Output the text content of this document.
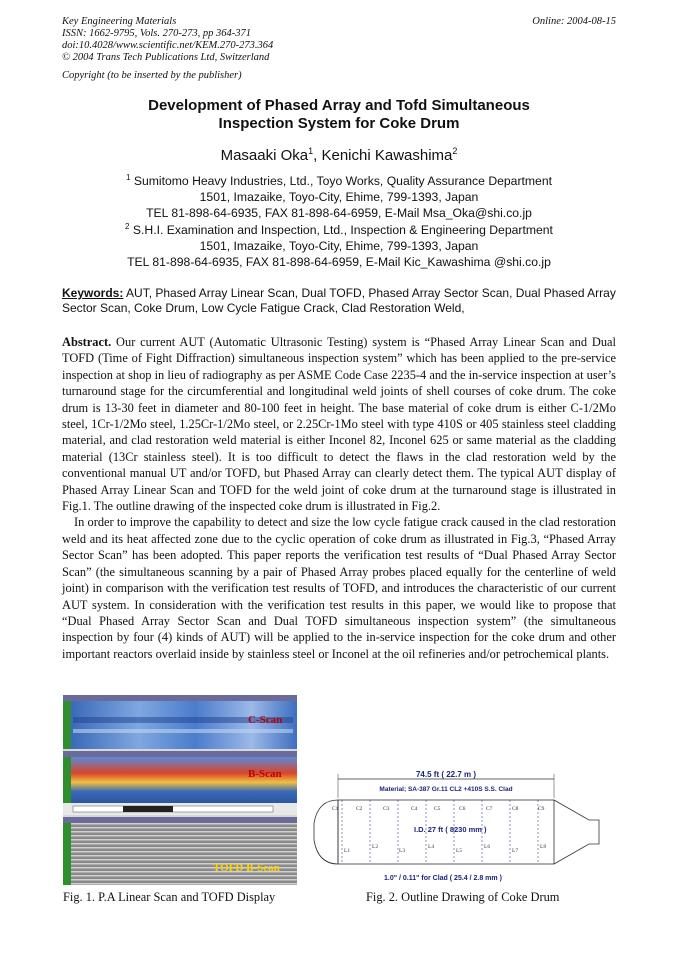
Key Engineering Materials
ISSN: 1662-9795, Vols. 270-273, pp 364-371
doi:10.4028/www.scientific.net/KEM.270-273.364
© 2004 Trans Tech Publications Ltd, Switzerland
Online: 2004-08-15
Copyright (to be inserted by the publisher)
Development of Phased Array and Tofd Simultaneous
Inspection System for Coke Drum
Masaaki Oka$^1$, Kenichi Kawashima$^2$
$^1$ Sumitomo Heavy Industries, Ltd., Toyo Works, Quality Assurance Department
1501, Imazaike, Toyo-City, Ehime, 799-1393, Japan
TEL 81-898-64-6935, FAX 81-898-64-6959, E-Mail Msa_Oka@shi.co.jp
$^2$ S.H.I. Examination and Inspection, Ltd., Inspection & Engineering Department
1501, Imazaike, Toyo-City, Ehime, 799-1393, Japan
TEL 81-898-64-6935, FAX 81-898-64-6959, E-Mail Kic_Kawashima @shi.co.jp
Keywords: AUT, Phased Array Linear Scan, Dual TOFD, Phased Array Sector Scan, Dual Phased Array Sector Scan, Coke Drum, Low Cycle Fatigue Crack, Clad Restoration Weld,

Abstract. Our current AUT (Automatic Ultrasonic Testing) system is “Phased Array Linear Scan and Dual TOFD (Time of Fight Diffraction) simultaneous inspection system” which has been applied to the pre-service inspection at shop in lieu of radiography as per ASME Code Case 2235-4 and the in-service inspection at user’s turnaround stage for the circumferential and longitudinal weld joints of shell courses of coke drum. The coke drum is 13-30 feet in diameter and 80-100 feet in height. The base material of coke drum is either C-1/2Mo steel, 1Cr-1/2Mo steel, 1.25Cr-1/2Mo steel, or 2.25Cr-1Mo steel with type 410S or 405 stainless steel cladding material, and clad restoration weld material is either Inconel 82, Inconel 625 or same material as the cladding material (13Cr stainless steel). It is too difficult to detect the flaws in the clad restoration weld by the conventional manual UT and/or TOFD, but Phased Array can clearly detect them. The typical AUT display of Phased Array Linear Scan and TOFD for the weld joint of coke drum at the turnaround stage is illustrated in Fig.1. The outline drawing of the inspected coke drum is illustrated in Fig.2.

In order to improve the capability to detect and size the low cycle fatigue crack caused in the clad restoration weld and its heat affected zone due to the cyclic operation of coke drum as illustrated in Fig.3, “Phased Array Sector Scan” has been adopted. This paper reports the verification test results of “Dual Phased Array Sector Scan” (the simultaneous scanning by a pair of Phased Array probes placed equally for the centerline of weld joint) in comparison with the verification test results of TOFD, and introduces the characteristic of our current AUT system. In consideration with the verification test results in this paper, we would like to propose that “Dual Phased Array Sector Scan and Dual TOFD simultaneous inspection system” (the simultaneous inspection by four (4) kinds of AUT) will be applied to the in-service inspection for the coke drum and other important reactors overlaid inside by stainless steel or Inconel at the oil refineries and/or petrochemical plants.

C-Scan
B-Scan
TOFD B-Scan
74.5 ft ( 22.7 m )
Material; SA-387 Gr.11 CL2 +410S S.S. Clad
C1	C2	C3	C4	C5	C6	C7	C8	C9
L1
L2
L3
L4
L5
L6
L7
L8
I.D. 27 ft ( 8230 mm )
1.0" / 0.11" for Clad ( 25.4 / 2.8 mm )
Fig. 1. P.A Linear Scan and TOFD Display	Fig. 2. Outline Drawing of Coke Drum
